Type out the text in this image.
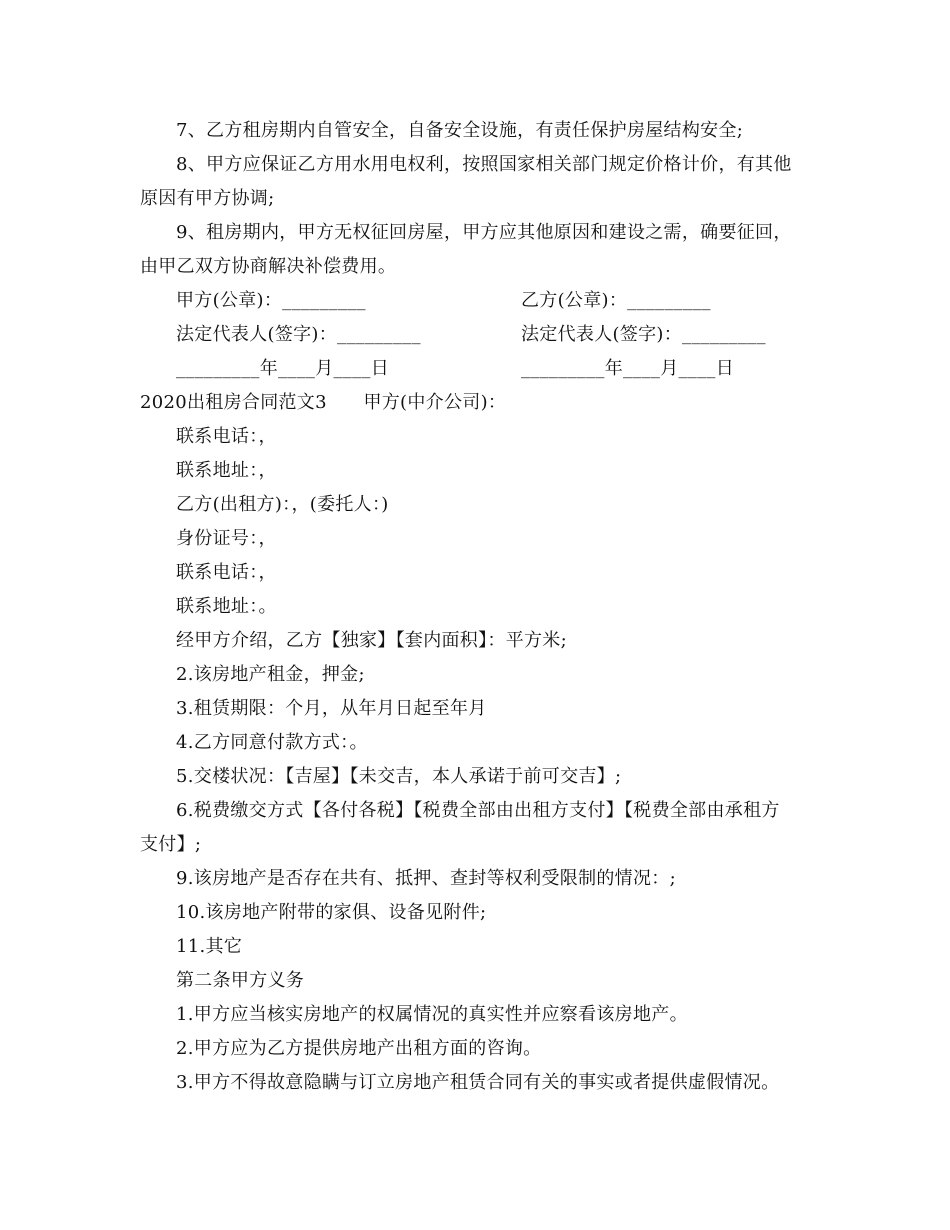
7、乙方租房期内自管安全，自备安全设施，有责任保护房屋结构安全;
8、甲方应保证乙方用水用电权利，按照国家相关部门规定价格计价，有其他
原因有甲方协调;
9、租房期内，甲方无权征回房屋，甲方应其他原因和建设之需，确要征回，
由甲乙双方协商解决补偿费用。
甲方(公章)：_________	乙方(公章)：_________
法定代表人(签字)：_________	法定代表人(签字)：_________
_________年____月____日	_________年____月____日
2020出租房合同范文3　　甲方(中介公司)：
联系电话：，
联系地址：，
乙方(出租方)：，(委托人：)
身份证号：，
联系电话：，
联系地址：。
经甲方介绍，乙方【独家】【套内面积】：平方米;
2.该房地产租金，押金;
3.租赁期限：个月，从年月日起至年月
4.乙方同意付款方式：。
5.交楼状况：【吉屋】【未交吉，本人承诺于前可交吉】;
6.税费缴交方式【各付各税】【税费全部由出租方支付】【税费全部由承租方
支付】;
9.该房地产是否存在共有、抵押、查封等权利受限制的情况：;
10.该房地产附带的家俱、设备见附件;
11.其它
第二条甲方义务
1.甲方应当核实房地产的权属情况的真实性并应察看该房地产。
2.甲方应为乙方提供房地产出租方面的咨询。
3.甲方不得故意隐瞒与订立房地产租赁合同有关的事实或者提供虚假情况。
